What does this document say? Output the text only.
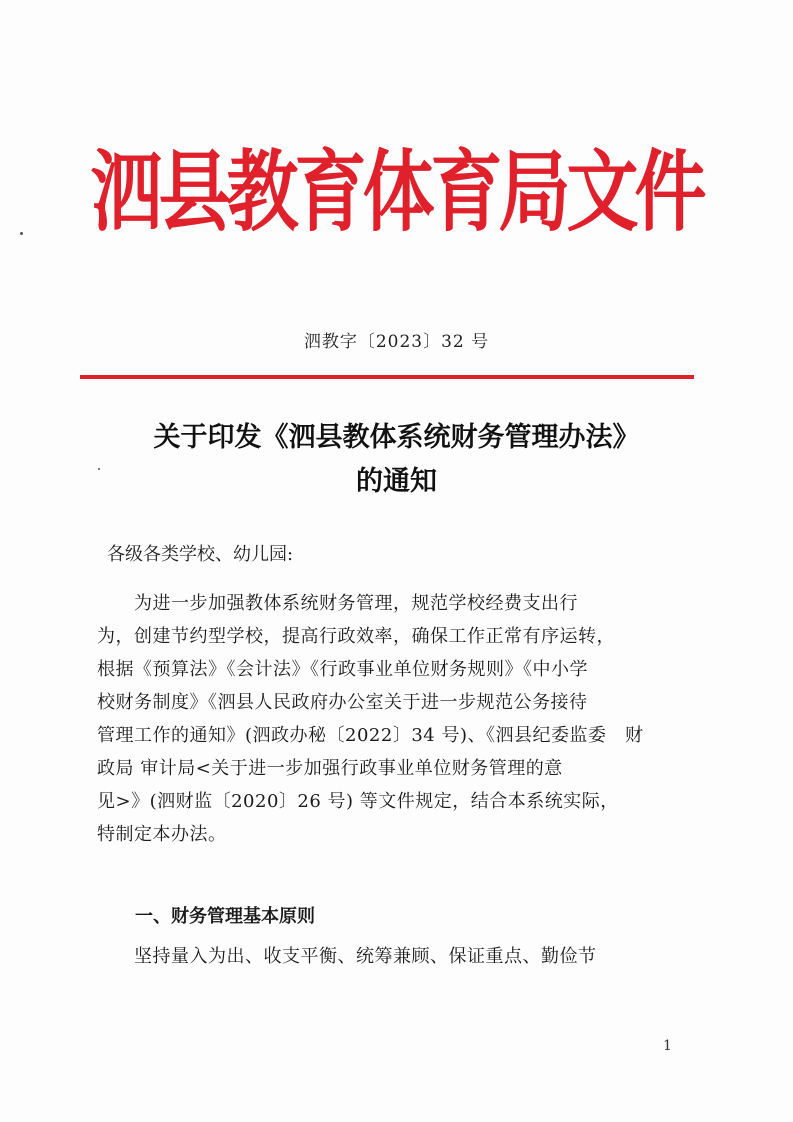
泗县教育体育局文件
泗教字〔2023〕32 号
关于印发《泗县教体系统财务管理办法》
的通知
各级各类学校、幼儿园:
　　为进一步加强教体系统财务管理，规范学校经费支出行
为，创建节约型学校，提高行政效率，确保工作正常有序运转，
根据《预算法》《会计法》《行政事业单位财务规则》《中小学
校财务制度》《泗县人民政府办公室关于进一步规范公务接待
管理工作的通知》(泗政办秘〔2022〕34 号)、《泗县纪委监委　财
政局 审计局<关于进一步加强行政事业单位财务管理的意
见>》(泗财监〔2020〕26 号) 等文件规定，结合本系统实际，
特制定本办法。
一、财务管理基本原则
　　坚持量入为出、收支平衡、统筹兼顾、保证重点、勤俭节
1
